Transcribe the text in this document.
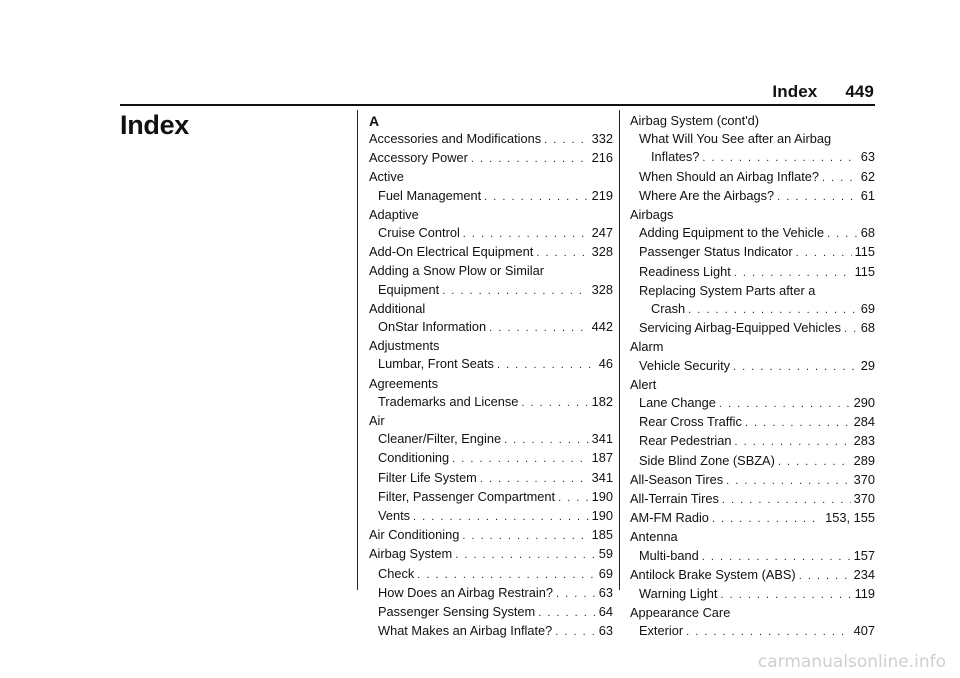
Index 449
Index	A
Accessories and Modifications . . .	332
Accessory Power . . .	216
Active
Fuel Management . . .	219
Adaptive
Cruise Control . . .	247
Add-On Electrical Equipment . . .	328
Adding a Snow Plow or Similar
Equipment . . .	328
Additional
OnStar Information . . .	442
Adjustments
Lumbar, Front Seats . . .	46
Agreements
Trademarks and License . . .	182
Air
Cleaner/Filter, Engine . . .	341
Conditioning . . .	187
Filter Life System . . .	341
Filter, Passenger Compartment . . .	190
Vents . . .	190
Air Conditioning . . .	185
Airbag System . . .	59
Check . . .	69
How Does an Airbag Restrain? . . .	63
Passenger Sensing System . . .	64
What Makes an Airbag Inflate? . . .	63
Airbag System (cont'd)
What Will You See after an Airbag
Inflates? . . .	63
When Should an Airbag Inflate? . . .	62
Where Are the Airbags? . . .	61
Airbags
Adding Equipment to the Vehicle . . .	68
Passenger Status Indicator . . .	115
Readiness Light . . .	115
Replacing System Parts after a
Crash . . .	69
Servicing Airbag-Equipped Vehicles . . . 68
Alarm
Vehicle Security . . .	29
Alert
Lane Change . . .	290
Rear Cross Traffic . . .	284
Rear Pedestrian . . .	283
Side Blind Zone (SBZA) . . .	289
All-Season Tires . . .	370
All-Terrain Tires . . .	370
AM-FM Radio . . .	153, 155
Antenna
Multi-band . . .	157
Antilock Brake System (ABS) . . .	234
Warning Light . . .	119
Appearance Care
Exterior . . .	407
carmanualsonline.info
